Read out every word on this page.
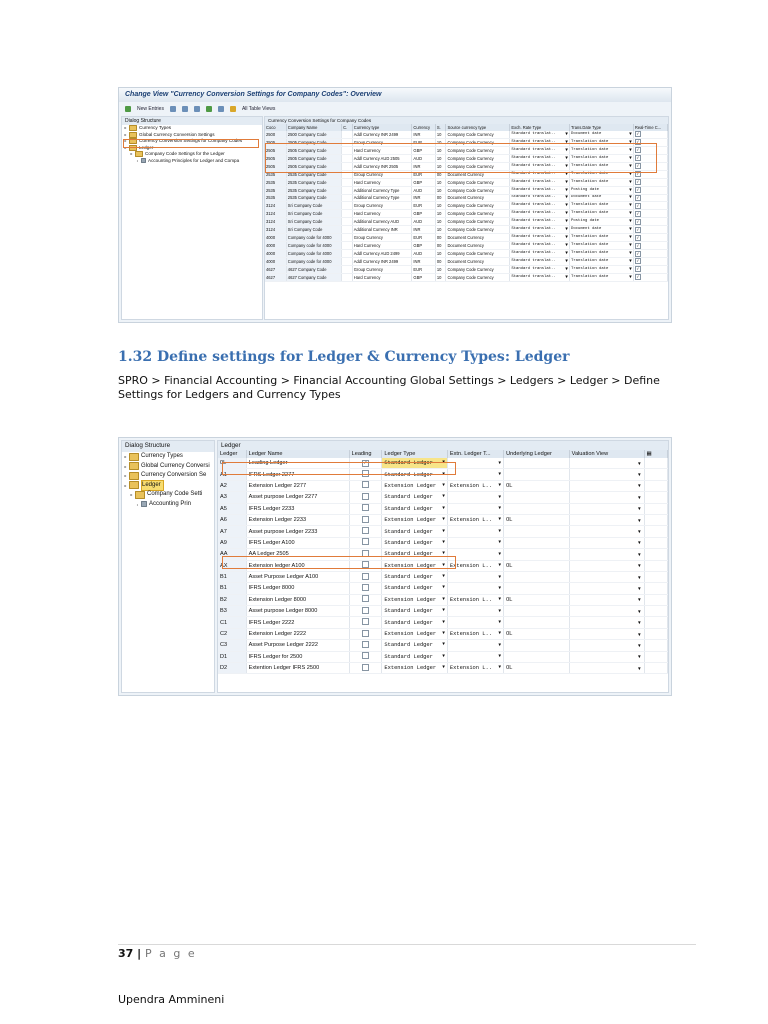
Change View "Currency Conversion Settings for Company Codes": Overview
New Entries	All Table Views
Dialog Structure
▸	Currency Types
▸	Global Currency Conversion Settings
▸	Currency Conversion Settings for Company Codes
▸	Ledger
▸	Company Code Settings for the Ledger
• Accounting Principles for Ledger and Compa
Currency Conversion Settings for Company Codes
Coco	Company Name	C.	Currency type	Currency	S.	Source currency type	Exch. Rate Type	Trans.Date Type	Real-Time C...
2500	2500 Company Code		Addl Currency INR 2499	INR	10	Company Code Currency	Standard translat.. ▼	Document date ▼	✓
2505	2505 Company Code		Group Currency	EUR	10	Company Code Currency	Standard translat.. ▼	Translation date ▼	✓
2505	2505 Company Code		Hard Currency	GBP	10	Company Code Currency	Standard translat.. ▼	Translation date ▼	✓
2505	2505 Company Code		Addl Currency AUD 2505	AUD	10	Company Code Currency	Standard translat.. ▼	Translation date ▼	✓
2505	2505 Company Code		Addl Currency INR 2505	INR	10	Company Code Currency	Standard translat.. ▼	Translation date ▼	✓
2535	2535 Company Code		Group Currency	EUR	00	Document Currency	Standard translat.. ▼	Translation date ▼	✓
2535	2535 Company Code		Hard Currency	GBP	10	Company Code Currency	Standard translat.. ▼	Translation date ▼	✓
2535	2535 Company Code		Additional Currency Type	AUD	10	Company Code Currency	Standard translat.. ▼	Posting date ▼	✓
2535	2535 Company Code		Additional Currency Type	INR	00	Document Currency	Standard translat.. ▼	Document date ▼	✓
3124	Sri Company Code		Group Currency	EUR	10	Company Code Currency	Standard translat.. ▼	Translation date ▼	✓
3124	Sri Company Code		Hard Currency	GBP	10	Company Code Currency	Standard translat.. ▼	Translation date ▼	✓
3124	Sri Company Code		Additional Currency AUD	AUD	10	Company Code Currency	Standard translat.. ▼	Posting date ▼	✓
3124	Sri Company Code		Additional Currency INR	INR	10	Company Code Currency	Standard translat.. ▼	Document date ▼	✓
4000	Company code for 4000		Group Currency	EUR	00	Document Currency	Standard translat.. ▼	Translation date ▼	✓
4000	Company code for 4000		Hard Currency	GBP	00	Document Currency	Standard translat.. ▼	Translation date ▼	✓
4000	Company code for 4000		Addl Currency AUD 2499	AUD	10	Company Code Currency	Standard translat.. ▼	Translation date ▼	✓
4000	Company code for 4000		Addl Currency INR 2499	INR	00	Document Currency	Standard translat.. ▼	Translation date ▼	✓
4627	4627 Company Code		Group Currency	EUR	10	Company Code Currency	Standard translat.. ▼	Translation date ▼	✓
4627	4627 Company Code		Hard Currency	GBP	10	Company Code Currency	Standard translat.. ▼	Translation date ▼	✓
1.32 Define settings for Ledger & Currency Types: Ledger
SPRO > Financial Accounting > Financial Accounting Global Settings > Ledgers > Ledger > Define Settings for Ledgers and Currency Types
Dialog Structure
▸ Currency Types
▸ Global Currency Conversi
▸ Currency Conversion Se
▸	Ledger
▸ Company Code Setti
• Accounting Prin
Ledger
Ledger	Ledger Name	Leading	Ledger Type	Extn. Ledger T...	Underlying Ledger	Valuation View	▦
0L	Leading Ledger	✓	Standard Ledger ▼	▼		▼	

A1	IFRS Ledger 2277		Standard Ledger ▼	▼		▼	

A2	Extension Ledger 2277		Extension Ledger ▼	Extension L.. ▼	0L	▼	

A3	Asset purpose Ledger 2277		Standard Ledger ▼	▼		▼	

A5	IFRS Ledger 2233		Standard Ledger ▼	▼		▼	

A6	Extension Ledger 2233		Extension Ledger ▼	Extension L.. ▼	0L	▼	

A7	Asset purpose Ledger 2233		Standard Ledger ▼	▼		▼	

A9	IFRS Ledger A100		Standard Ledger ▼	▼		▼	

AA	AA Ledger 2505		Standard Ledger ▼	▼		▼	

AX	Extension ledger A100		Extension Ledger ▼	Extension L.. ▼	0L	▼	

B1	Asset Purpose Ledger A100		Standard Ledger ▼	▼		▼	

B1	IFRS Ledger 8000		Standard Ledger ▼	▼		▼	

B2	Extension Ledger 8000		Extension Ledger ▼	Extension L.. ▼	0L	▼	

B3	Asset purpose Ledger 8000		Standard Ledger ▼	▼		▼	

C1	IFRS Ledger 2222		Standard Ledger ▼	▼		▼	

C2	Extension Ledger 2222		Extension Ledger ▼	Extension L.. ▼	0L	▼	

C3	Asset Purpose Ledger 2222		Standard Ledger ▼	▼		▼	

D1	IFRS Ledger for 2500		Standard Ledger ▼	▼		▼	

D2	Extention Ledger IFRS 2500		Extension Ledger ▼	Extension L.. ▼	0L	▼	

37 | P a g e
Upendra Ammineni
